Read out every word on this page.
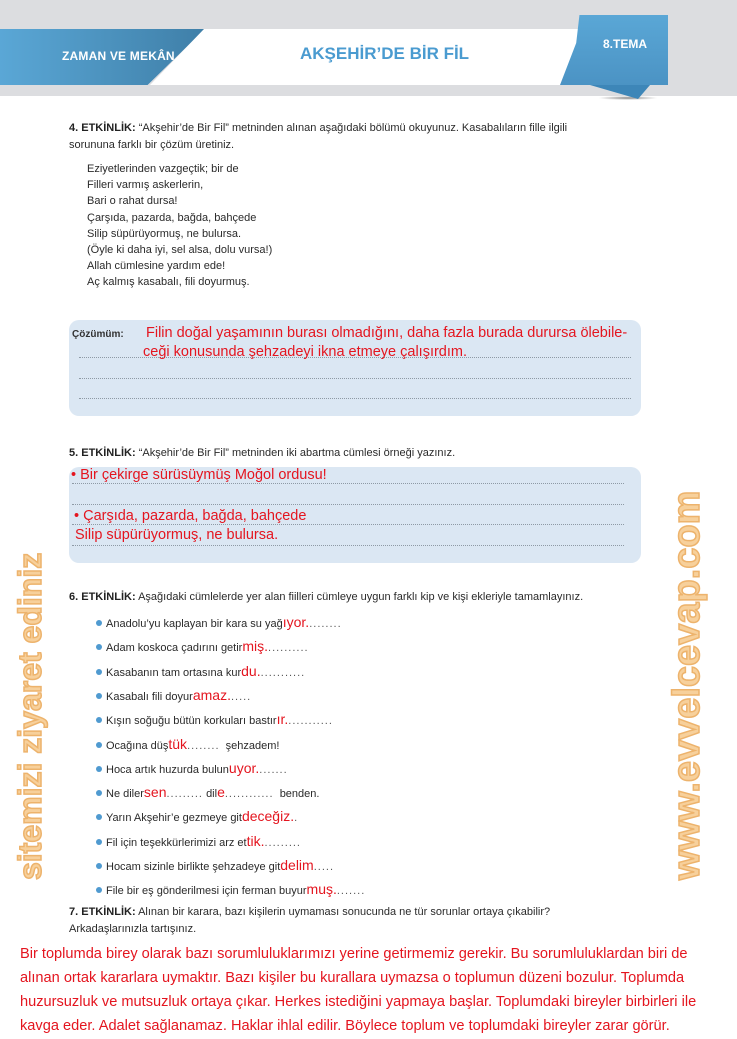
ZAMAN VE MEKÂN	AKŞEHİR’DE BİR FİL	8.TEMA
4. ETKİNLİK: “Akşehir’de Bir Fil” metninden alınan aşağıdaki bölümü okuyunuz. Kasabalıların fille ilgili
sorununa farklı bir çözüm üretiniz.
Eziyetlerinden vazgeçtik; bir de
Filleri varmış askerlerin,
Bari o rahat dursa!
Çarşıda, pazarda, bağda, bahçede
Silip süpürüyormuş, ne bulursa.
(Öyle ki daha iyi, sel alsa, dolu vursa!)
Allah cümlesine yardım ede!
Aç kalmış kasabalı, fili doyurmuş.
Çözümüm: Filin doğal yaşamının burası olmadığını, daha fazla burada durursa ölebile-
ceği konusunda şehzadeyi ikna etmeye çalışırdım.
5. ETKİNLİK: “Akşehir’de Bir Fil” metninden iki abartma cümlesi örneği yazınız.
• Bir çekirge sürüsüymüş Moğol ordusu!
• Çarşıda, pazarda, bağda, bahçede
Silip süpürüyormuş, ne bulursa.
6. ETKİNLİK: Aşağıdaki cümlelerde yer alan fiilleri cümleye uygun farklı kip ve kişi ekleriyle tamamlayınız.
Anadolu’yu kaplayan bir kara su yağıyor.........
Adam koskoca çadırını getirmiş...........
Kasabanın tam ortasına kurdu............
Kasabalı fili doyuramaz......
Kışın soğuğu bütün korkuları bastırır............
Ocağına düştük........ şehzadem!
Hoca artık huzurda bulunuyor........
Ne dilersen......... dile............ benden.
Yarın Akşehir’e gezmeye gitdeceğiz..
Fil için teşekkürlerimizi arz ettik..........
Hocam sizinle birlikte şehzadeye gitdelim.....
File bir eş gönderilmesi için ferman buyurmuş........
7. ETKİNLİK: Alınan bir karara, bazı kişilerin uymaması sonucunda ne tür sorunlar ortaya çıkabilir?
Arkadaşlarınızla tartışınız.
Bir toplumda birey olarak bazı sorumluluklarımızı yerine getirmemiz gerekir. Bu sorumluluklardan biri de alınan ortak kararlara uymaktır. Bazı kişiler bu kurallara uymazsa o toplumun düzeni bozulur. Toplumda huzursuzluk ve mutsuzluk ortaya çıkar. Herkes istediğini yapmaya başlar. Toplumdaki bireyler birbirleri ile kavga eder. Adalet sağlanamaz. Haklar ihlal edilir. Böylece toplum ve toplumdaki bireyler zarar görür.
www.evvelcevap.com
sitemizi ziyaret ediniz
